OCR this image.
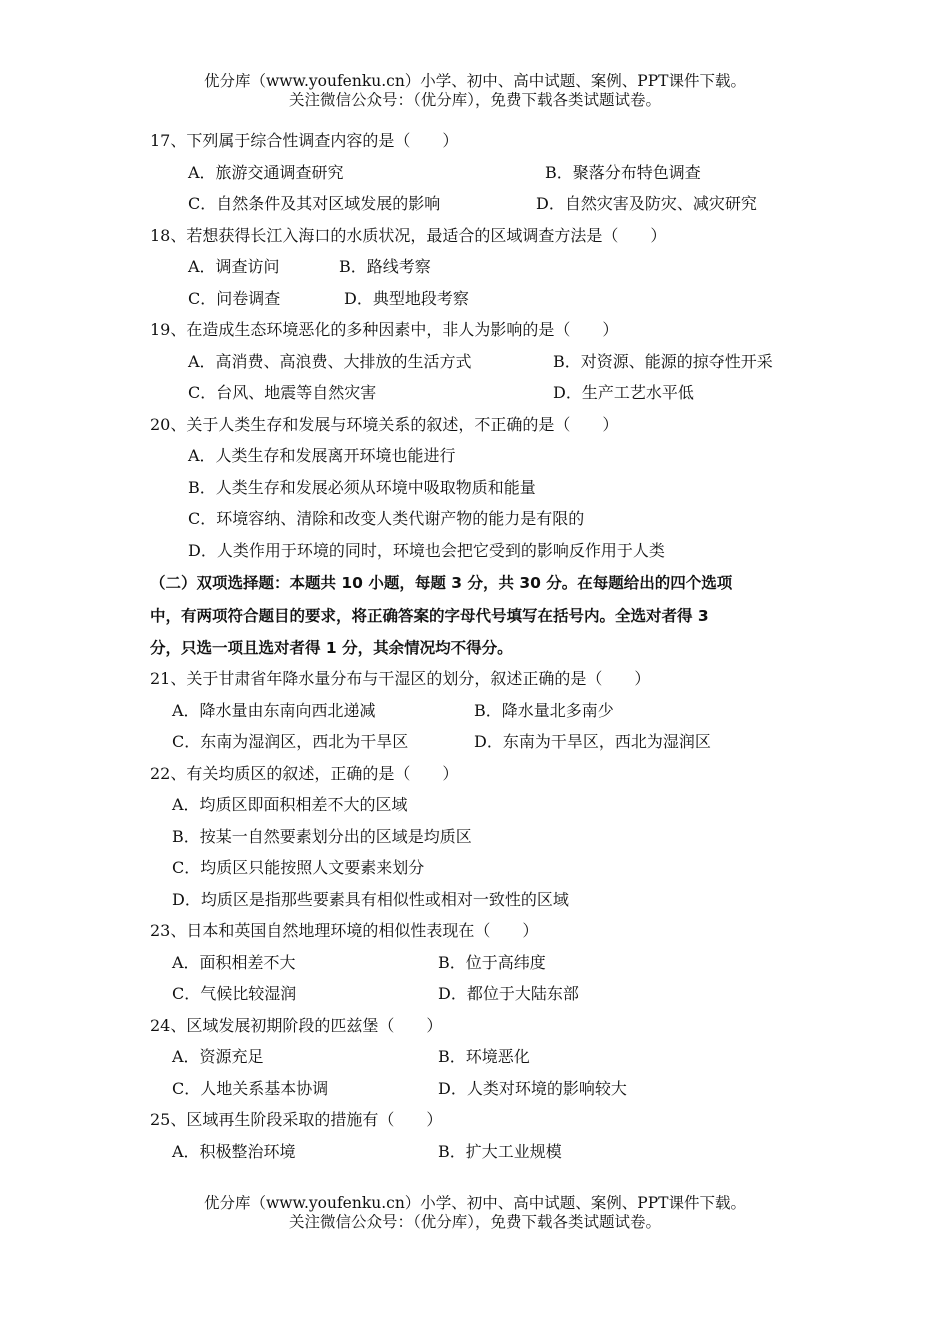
优分库（www.youfenku.cn）小学、初中、高中试题、案例、PPT课件下载。
关注微信公众号：（优分库），免费下载各类试题试卷。
17、下列属于综合性调查内容的是（　　）
A．旅游交通调查研究	B．聚落分布特色调查
C．自然条件及其对区域发展的影响	D．自然灾害及防灾、减灾研究
18、若想获得长江入海口的水质状况，最适合的区域调查方法是（　　）
A．调查访问	B．路线考察
C．问卷调查	D．典型地段考察
19、在造成生态环境恶化的多种因素中，非人为影响的是（　　）
A．高消费、高浪费、大排放的生活方式	B．对资源、能源的掠夺性开采
C．台风、地震等自然灾害	D．生产工艺水平低
20、关于人类生存和发展与环境关系的叙述，不正确的是（　　）
A．人类生存和发展离开环境也能进行
B．人类生存和发展必须从环境中吸取物质和能量
C．环境容纳、清除和改变人类代谢产物的能力是有限的
D．人类作用于环境的同时，环境也会把它受到的影响反作用于人类
（二）双项选择题：本题共 10 小题，每题 3 分，共 30 分。在每题给出的四个选项
中，有两项符合题目的要求，将正确答案的字母代号填写在括号内。全选对者得 3
分，只选一项且选对者得 1 分，其余情况均不得分。
21、关于甘肃省年降水量分布与干湿区的划分，叙述正确的是（　　）
A．降水量由东南向西北递减	B．降水量北多南少
C．东南为湿润区，西北为干旱区	D．东南为干旱区，西北为湿润区
22、有关均质区的叙述，正确的是（　　）
A．均质区即面积相差不大的区域
B．按某一自然要素划分出的区域是均质区
C．均质区只能按照人文要素来划分
D．均质区是指那些要素具有相似性或相对一致性的区域
23、日本和英国自然地理环境的相似性表现在（　　）
A．面积相差不大	B．位于高纬度
C．气候比较湿润	D．都位于大陆东部
24、区域发展初期阶段的匹兹堡（　　）
A．资源充足	B．环境恶化
C．人地关系基本协调	D．人类对环境的影响较大
25、区域再生阶段采取的措施有（　　）
A．积极整治环境	B．扩大工业规模
优分库（www.youfenku.cn）小学、初中、高中试题、案例、PPT课件下载。
关注微信公众号：（优分库），免费下载各类试题试卷。
